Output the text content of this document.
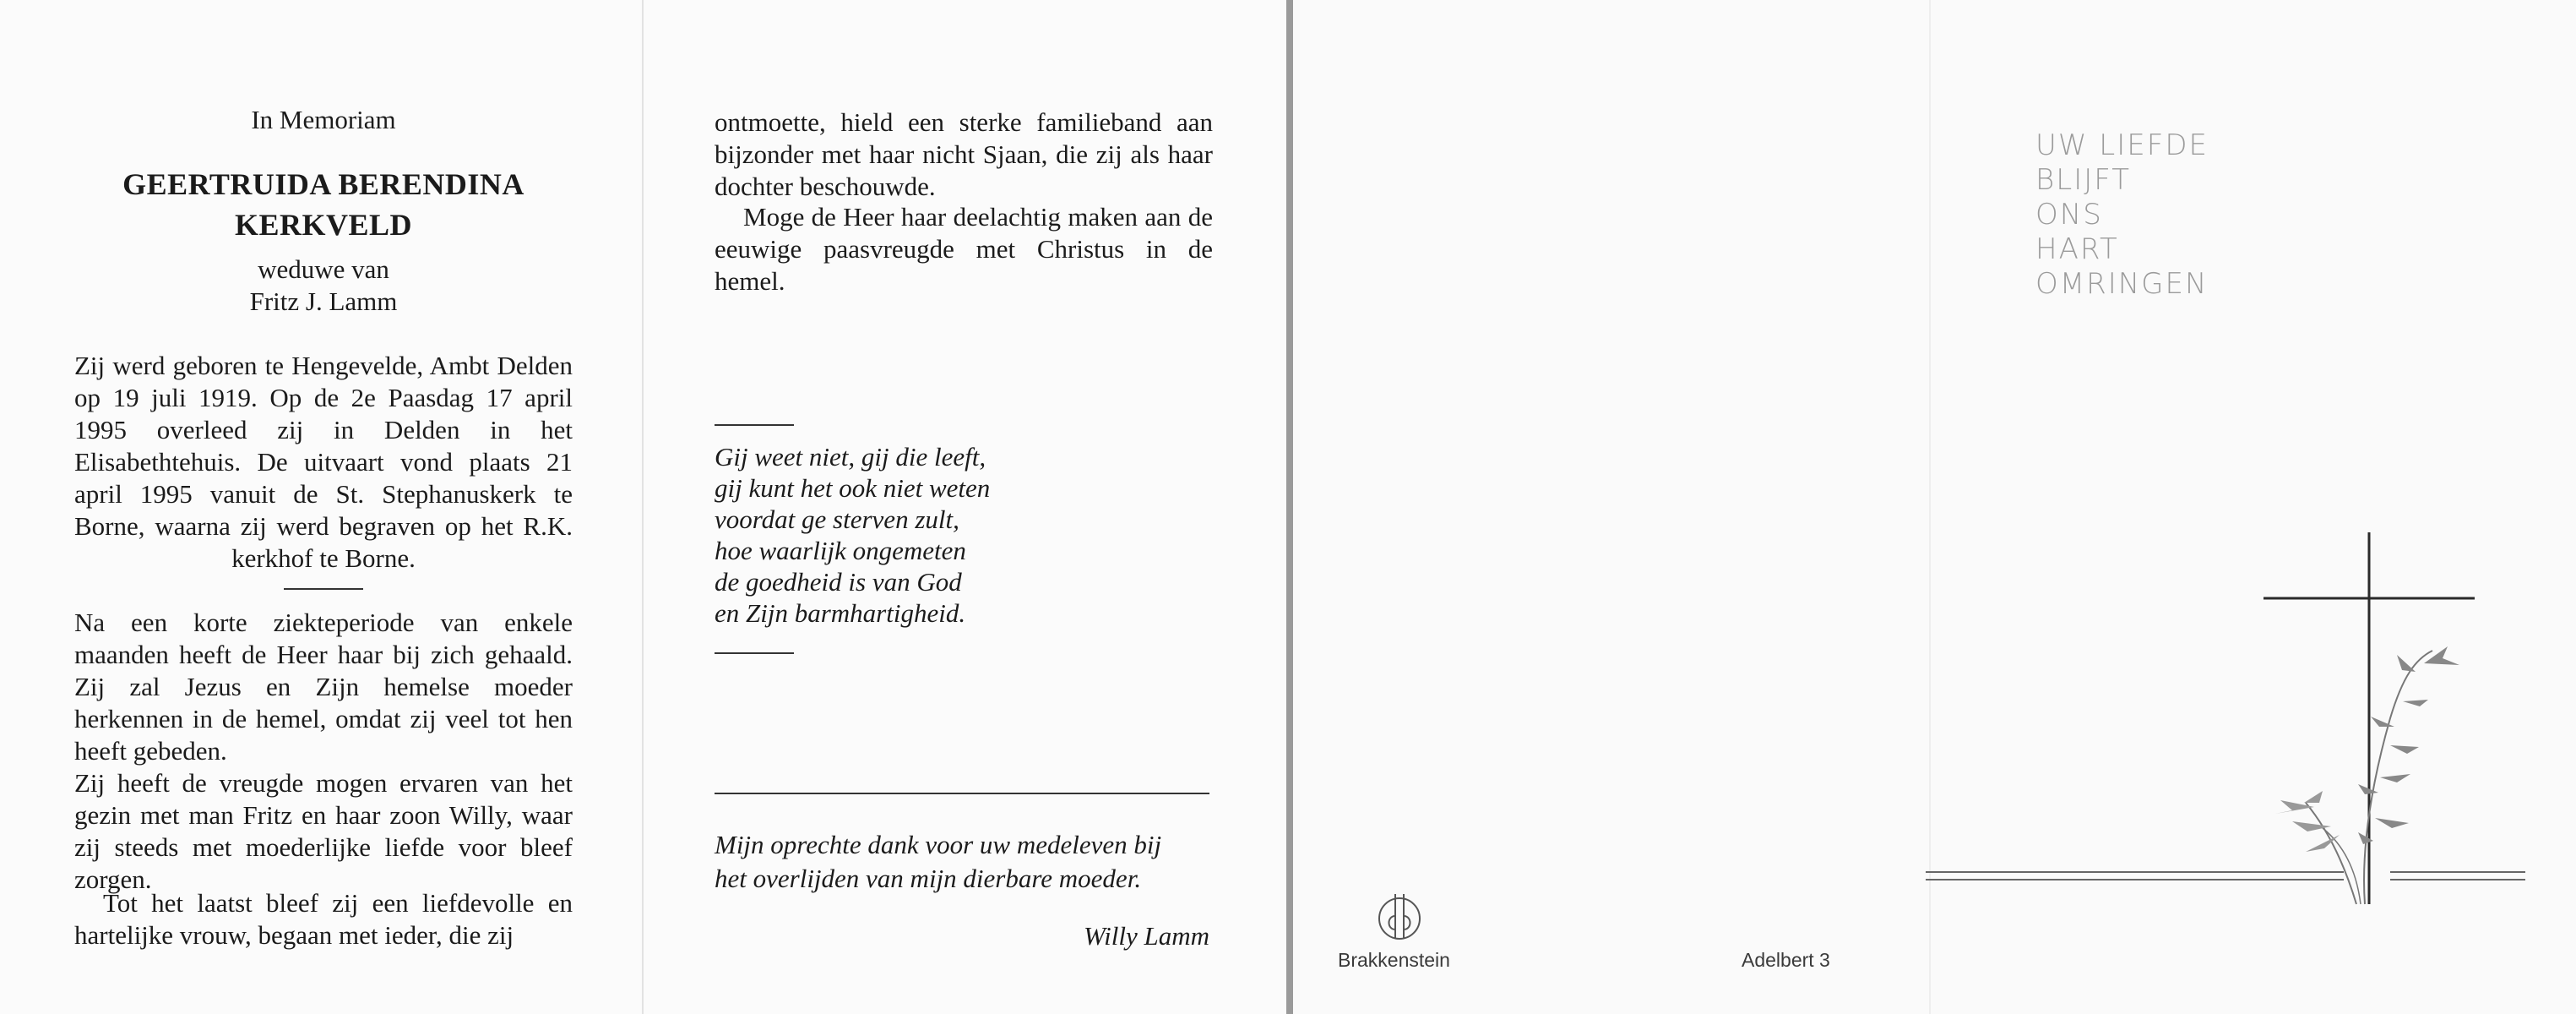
In Memoriam
GEERTRUIDA BERENDINA
KERKVELD
weduwe van
Fritz J. Lamm
Zij werd geboren te Hengevelde, Ambt Delden op 19 juli 1919. Op de 2e Paasdag 17 april 1995 overleed zij in Delden in het Elisabethtehuis. De uitvaart vond plaats 21 april 1995 vanuit de St. Stephanuskerk te Borne, waarna zij werd begraven op het R.K. kerkhof te Borne.
Na een korte ziekteperiode van enkele maanden heeft de Heer haar bij zich gehaald. Zij zal Jezus en Zijn hemelse moeder herkennen in de hemel, omdat zij veel tot hen heeft gebeden.
Zij heeft de vreugde mogen ervaren van het gezin met man Fritz en haar zoon Willy, waar zij steeds met moederlijke liefde voor bleef zorgen.
Tot het laatst bleef zij een liefdevolle en hartelijke vrouw, begaan met ieder, die zij
ontmoette, hield een sterke familieband aan bijzonder met haar nicht Sjaan, die zij als haar dochter beschouwde.
Moge de Heer haar deelachtig maken aan de eeuwige paasvreugde met Christus in de hemel.
Gij weet niet, gij die leeft,
gij kunt het ook niet weten
voordat ge sterven zult,
hoe waarlijk ongemeten
de goedheid is van God
en Zijn barmhartigheid.
Mijn oprechte dank voor uw medeleven bij
het overlijden van mijn dierbare moeder.
Willy Lamm
UW LIEFDE
BLIJFT
ONS
HART
OMRINGEN
Brakkenstein	Adelbert 3
